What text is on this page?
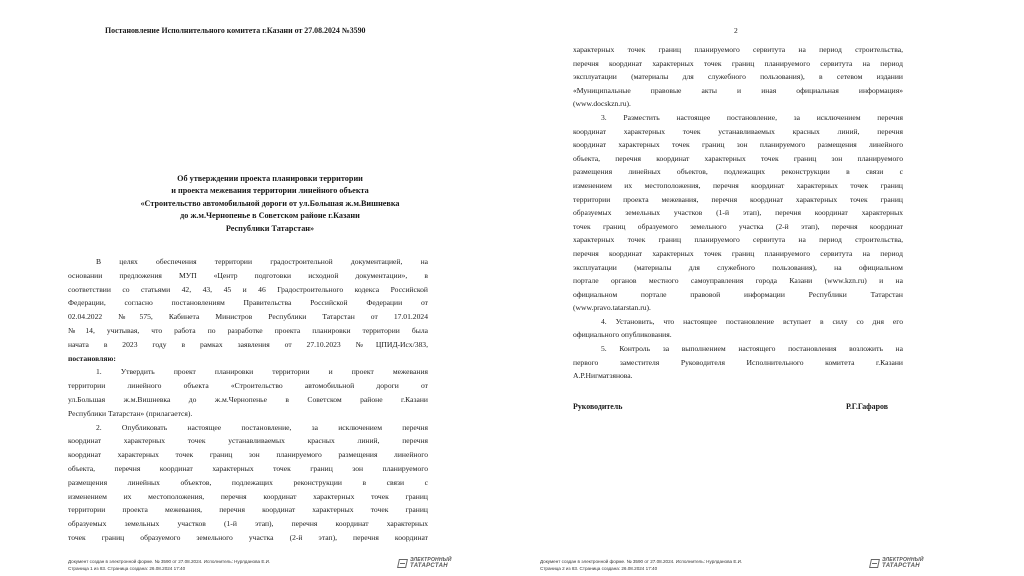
Постановление Исполнительного комитета г.Казани от 27.08.2024 №3590
Об утверждении проекта планировки территории
и проекта межевания территории линейного объекта
«Строительство автомобильной дороги от ул.Большая ж.м.Вишневка
до ж.м.Чернопенье в Советском районе г.Казани
Республики Татарстан»
В целях обеспечения территории градостроительной документацией, на
основании предложения МУП «Центр подготовки исходной документации», в
соответствии со статьями 42, 43, 45 и 46 Градостроительного кодекса Российской
Федерации, согласно постановлениям Правительства Российской Федерации от
02.04.2022 №575, Кабинета Министров Республики Татарстан от 17.01.2024
№14, учитывая, что работа по разработке проекта планировки территории была
начата в 2023 году в рамках заявления от 27.10.2023 №ЦПИД-Исх/383,
постановляю:
1. Утвердить проект планировки территории и проект межевания
территории линейного объекта «Строительство автомобильной дороги от
ул.Большая ж.м.Вишневка до ж.м.Чернопенье в Советском районе г.Казани
Республики Татарстан» (прилагается).
2. Опубликовать настоящее постановление, за исключением перечня
координат характерных точек устанавливаемых красных линий, перечня
координат характерных точек границ зон планируемого размещения линейного
объекта, перечня координат характерных точек границ зон планируемого
размещения линейных объектов, подлежащих реконструкции в связи с
изменением их местоположения, перечня координат характерных точек границ
территории проекта межевания, перечня координат характерных точек границ
образуемых земельных участков (1-й этап), перечня координат характерных
точек границ образуемого земельного участка (2-й этап), перечня координат
Документ создан в электронной форме. № 3590 от 27.08.2024. Исполнитель: Нурлданова Е.И.
Страница 1 из 83. Страница создана: 26.08.2024 17:40
ЭЛЕКТРОННЫЙ
ТАТАРСТАН
2
характерных точек границ планируемого сервитута на период строительства,
перечня координат характерных точек границ планируемого сервитута на период
эксплуатации (материалы для служебного пользования), в сетевом издании
«Муниципальные правовые акты и иная официальная информация»
(www.docskzn.ru).
3. Разместить настоящее постановление, за исключением перечня
координат характерных точек устанавливаемых красных линий, перечня
координат характерных точек границ зон планируемого размещения линейного
объекта, перечня координат характерных точек границ зон планируемого
размещения линейных объектов, подлежащих реконструкции в связи с
изменением их местоположения, перечня координат характерных точек границ
территории проекта межевания, перечня координат характерных точек границ
образуемых земельных участков (1-й этап), перечня координат характерных
точек границ образуемого земельного участка (2-й этап), перечня координат
характерных точек границ планируемого сервитута на период строительства,
перечня координат характерных точек границ планируемого сервитута на период
эксплуатации (материалы для служебного пользования), на официальном
портале органов местного самоуправления города Казани (www.kzn.ru) и на
официальном портале правовой информации Республики Татарстан
(www.pravo.tatarstan.ru).
4. Установить, что настоящее постановление вступает в силу со дня его
официального опубликования.
5. Контроль за выполнением настоящего постановления возложить на
первого заместителя Руководителя Исполнительного комитета г.Казани
А.Р.Нигматзянова.
Руководитель	Р.Г.Гафаров
Документ создан в электронной форме. № 3590 от 27.08.2024. Исполнитель: Нурлданова Е.И.
Страница 2 из 83. Страница создана: 26.08.2024 17:40
ЭЛЕКТРОННЫЙ
ТАТАРСТАН
